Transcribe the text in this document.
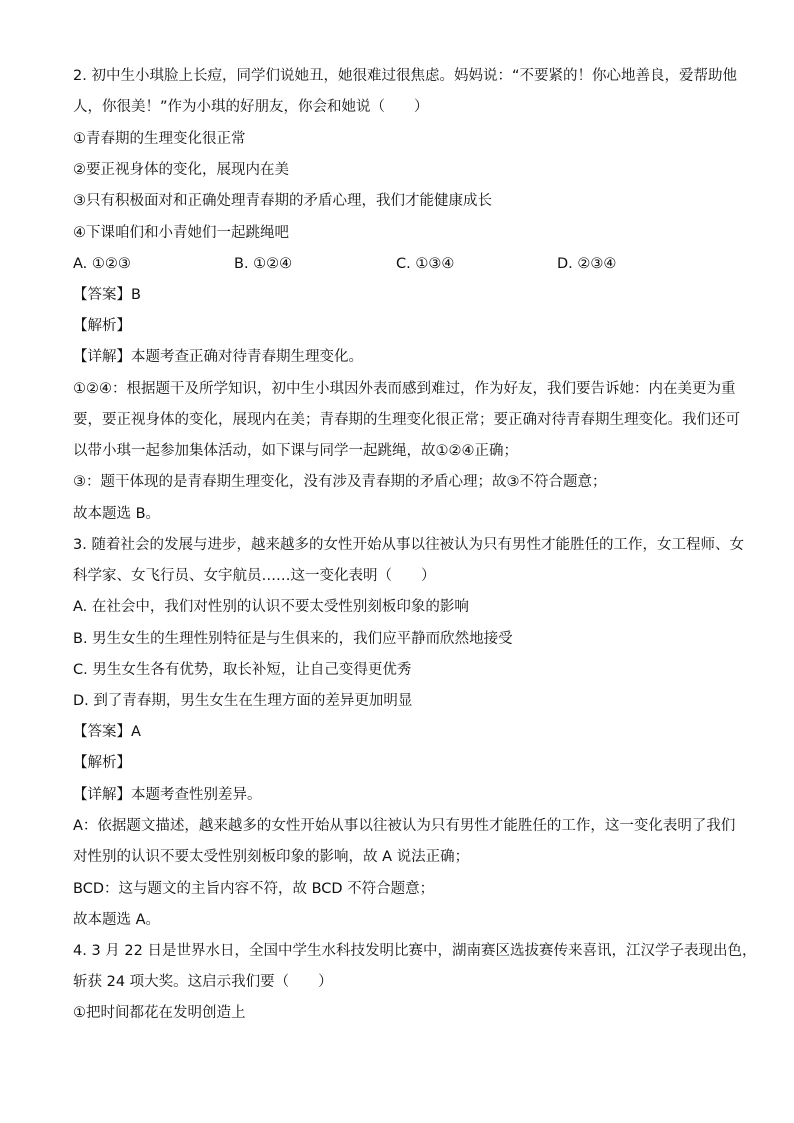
2. 初中生小琪脸上长痘，同学们说她丑，她很难过很焦虑。妈妈说：“不要紧的！你心地善良，爱帮助他
人，你很美！”作为小琪的好朋友，你会和她说（　　）
①青春期的生理变化很正常
②要正视身体的变化，展现内在美
③只有积极面对和正确处理青春期的矛盾心理，我们才能健康成长
④下课咱们和小青她们一起跳绳吧
A. ①②③	B. ①②④	C. ①③④	D. ②③④
【答案】B
【解析】
【详解】本题考查正确对待青春期生理变化。
①②④：根据题干及所学知识，初中生小琪因外表而感到难过，作为好友，我们要告诉她：内在美更为重
要，要正视身体的变化，展现内在美；青春期的生理变化很正常；要正确对待青春期生理变化。我们还可
以带小琪一起参加集体活动，如下课与同学一起跳绳，故①②④正确；
③：题干体现的是青春期生理变化，没有涉及青春期的矛盾心理；故③不符合题意；
故本题选 B。
3. 随着社会的发展与进步，越来越多的女性开始从事以往被认为只有男性才能胜任的工作，女工程师、女
科学家、女飞行员、女宇航员……这一变化表明（　　）
A. 在社会中，我们对性别的认识不要太受性别刻板印象的影响
B. 男生女生的生理性别特征是与生俱来的，我们应平静而欣然地接受
C. 男生女生各有优势，取长补短，让自己变得更优秀
D. 到了青春期，男生女生在生理方面的差异更加明显
【答案】A
【解析】
【详解】本题考查性别差异。
A：依据题文描述，越来越多的女性开始从事以往被认为只有男性才能胜任的工作，这一变化表明了我们
对性别的认识不要太受性别刻板印象的影响，故 A 说法正确；
BCD：这与题文的主旨内容不符，故 BCD 不符合题意；
故本题选 A。
4. 3 月 22 日是世界水日，全国中学生水科技发明比赛中，湖南赛区选拔赛传来喜讯，江汉学子表现出色，
斩获 24 项大奖。这启示我们要（　　）
①把时间都花在发明创造上
